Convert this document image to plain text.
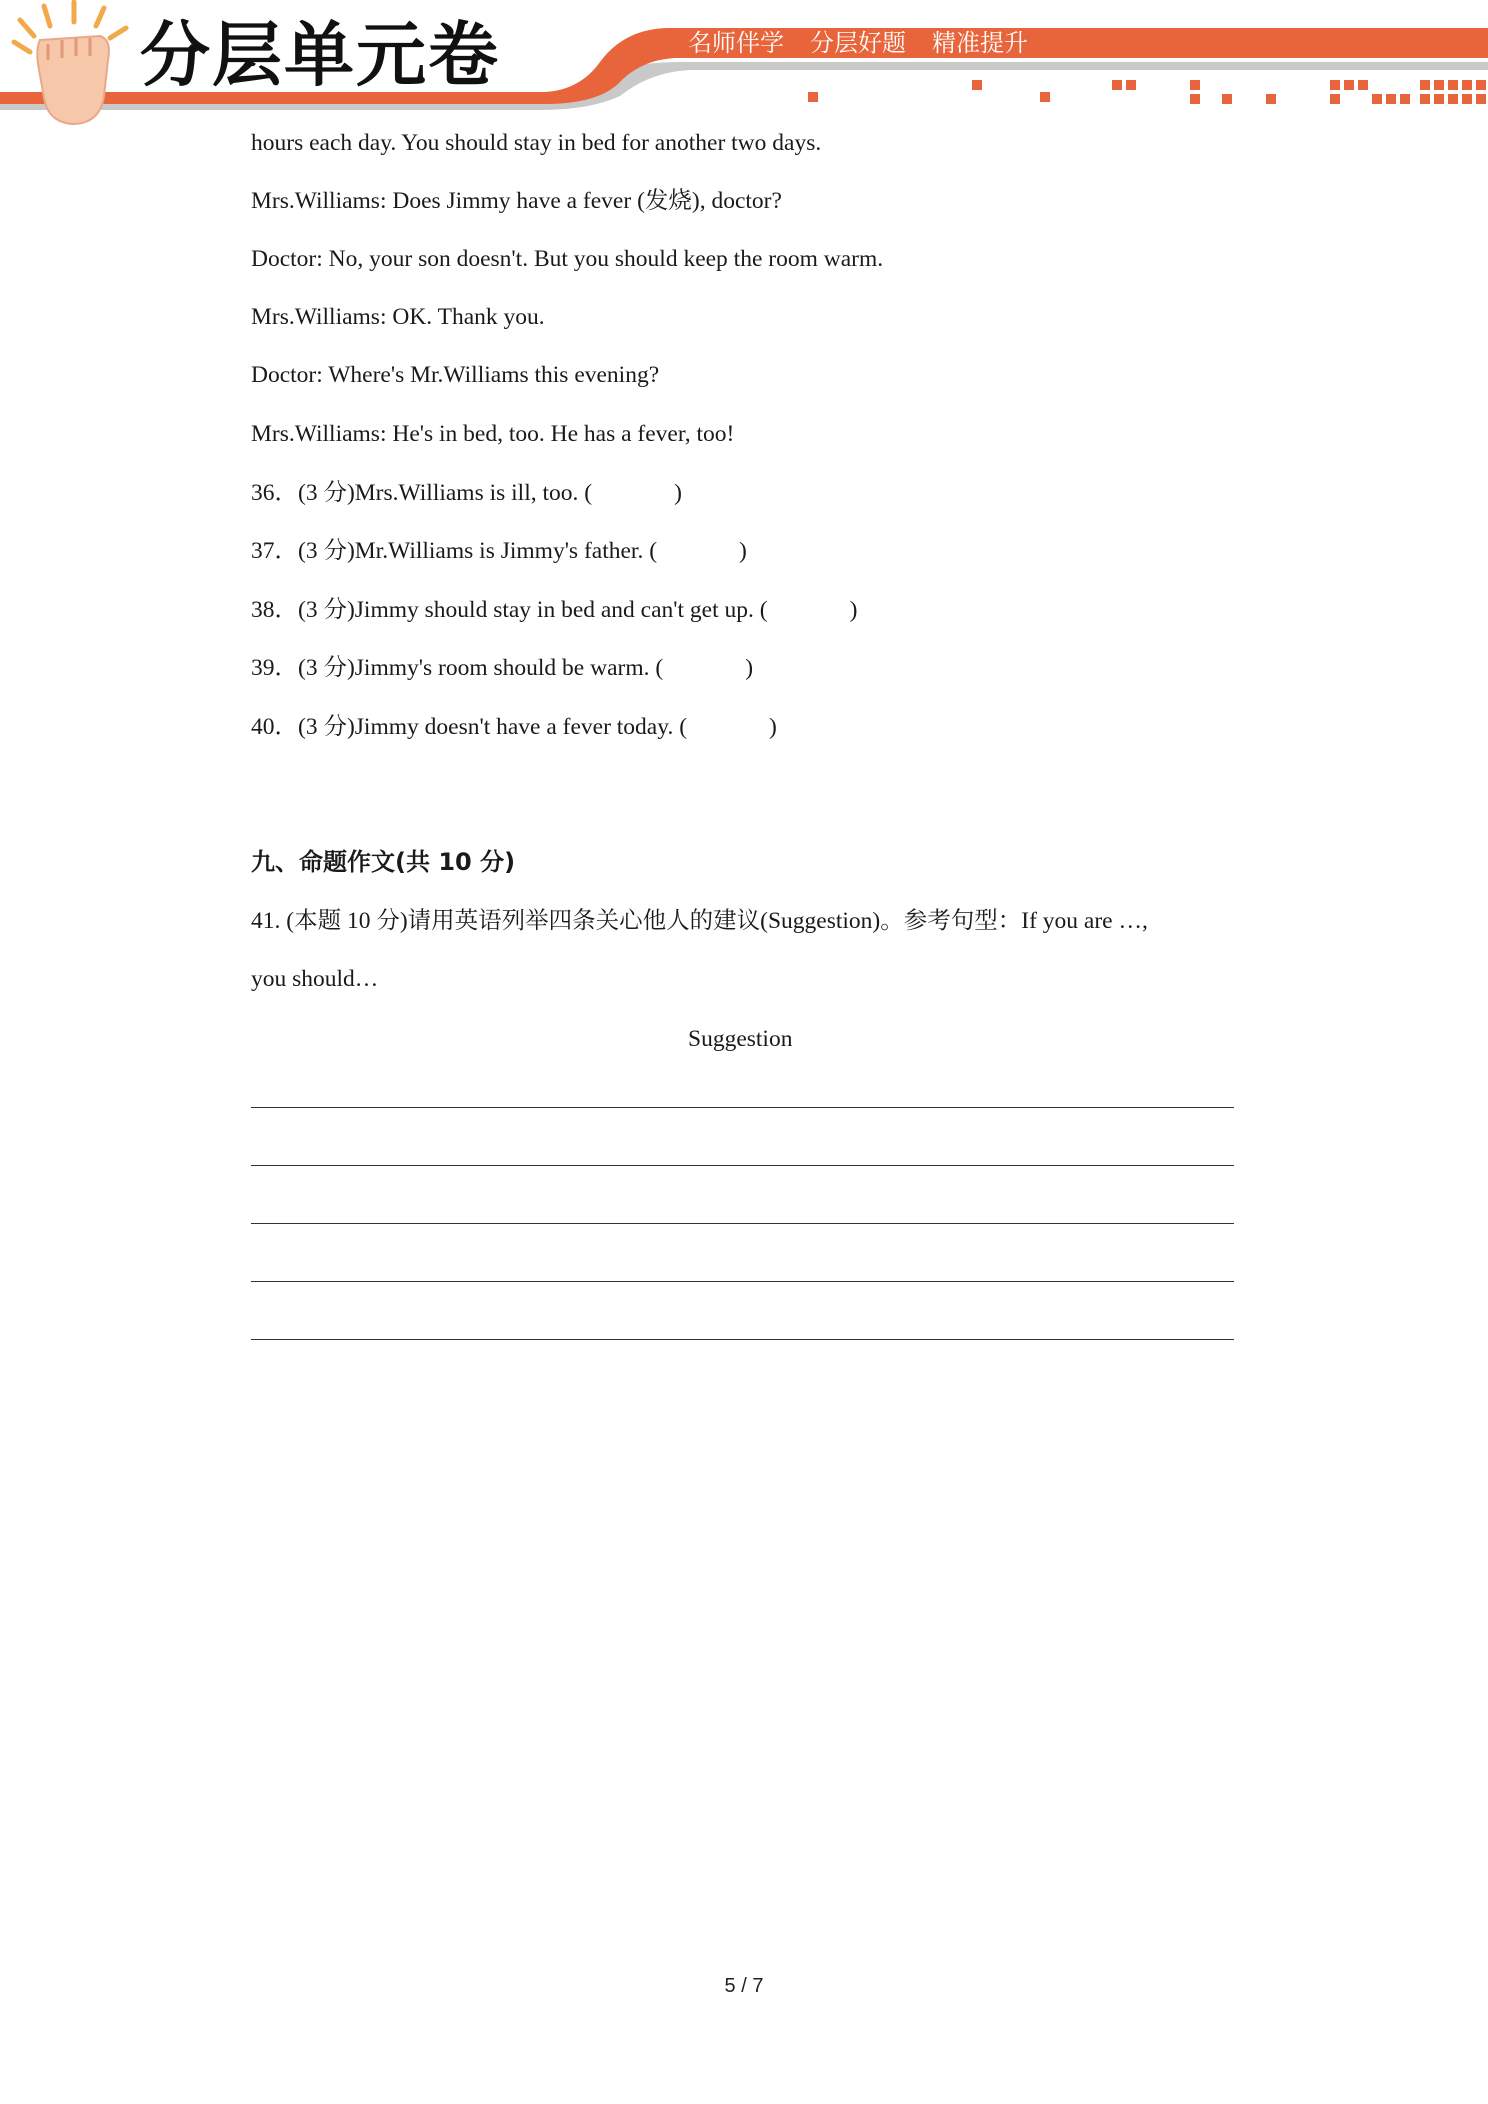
分层单元卷	名师伴学 分层好题 精准提升
hours each day. You should stay in bed for another two days.
Mrs.Williams: Does Jimmy have a fever (发烧), doctor?
Doctor: No, your son doesn't. But you should keep the room warm.
Mrs.Williams: OK. Thank you.
Doctor: Where's Mr.Williams this evening?
Mrs.Williams: He's in bed, too. He has a fever, too!
36．(3 分)Mrs.Williams is ill, too. (	)
37．(3 分)Mr.Williams is Jimmy's father. (	)
38．(3 分)Jimmy should stay in bed and can't get up. (	)
39．(3 分)Jimmy's room should be warm. (	)
40．(3 分)Jimmy doesn't have a fever today. (	)
九、命题作文(共 10 分)
41. (本题 10 分)请用英语列举四条关心他人的建议(Suggestion)。参考句型：If you are …,
you should…
Suggestion
5 / 7
